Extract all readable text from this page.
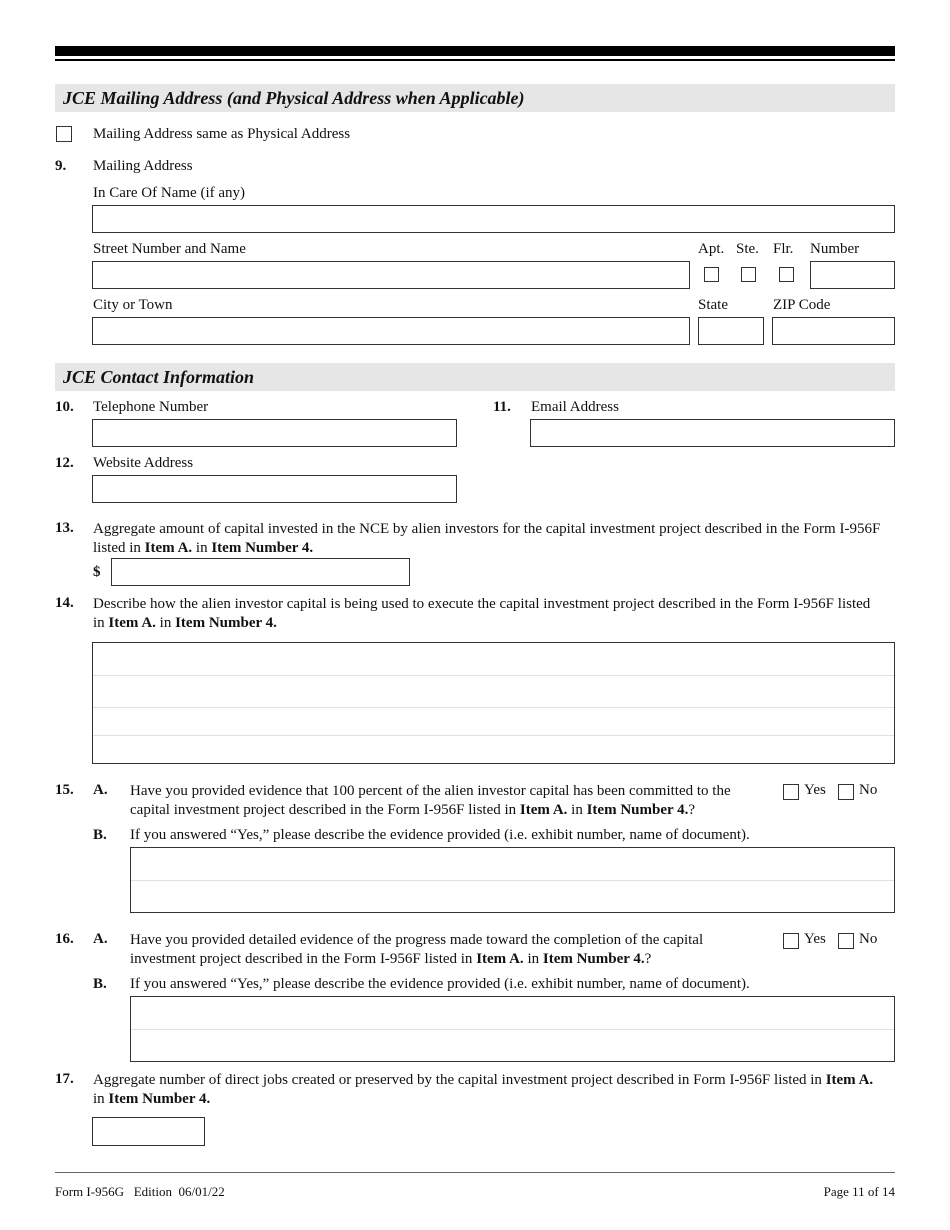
JCE Mailing Address (and Physical Address when Applicable)
Mailing Address same as Physical Address
9. Mailing Address
In Care Of Name (if any)
Street Number and Name	Apt. Ste. Flr. Number
City or Town	State	ZIP Code
JCE Contact Information
10. Telephone Number	11. Email Address
12. Website Address
13. Aggregate amount of capital invested in the NCE by alien investors for the capital investment project described in the Form I-956F listed in Item A. in Item Number 4.
$
14. Describe how the alien investor capital is being used to execute the capital investment project described in the Form I-956F listed in Item A. in Item Number 4.
15. A. Have you provided evidence that 100 percent of the alien investor capital has been committed to the capital investment project described in the Form I-956F listed in Item A. in Item Number 4.?
Yes No
B. If you answered “Yes,” please describe the evidence provided (i.e. exhibit number, name of document).
16. A. Have you provided detailed evidence of the progress made toward the completion of the capital investment project described in the Form I-956F listed in Item A. in Item Number 4.?
Yes No
B. If you answered “Yes,” please describe the evidence provided (i.e. exhibit number, name of document).
17. Aggregate number of direct jobs created or preserved by the capital investment project described in Form I-956F listed in Item A. in Item Number 4.
Form I-956G   Edition  06/01/22	Page 11 of 14
